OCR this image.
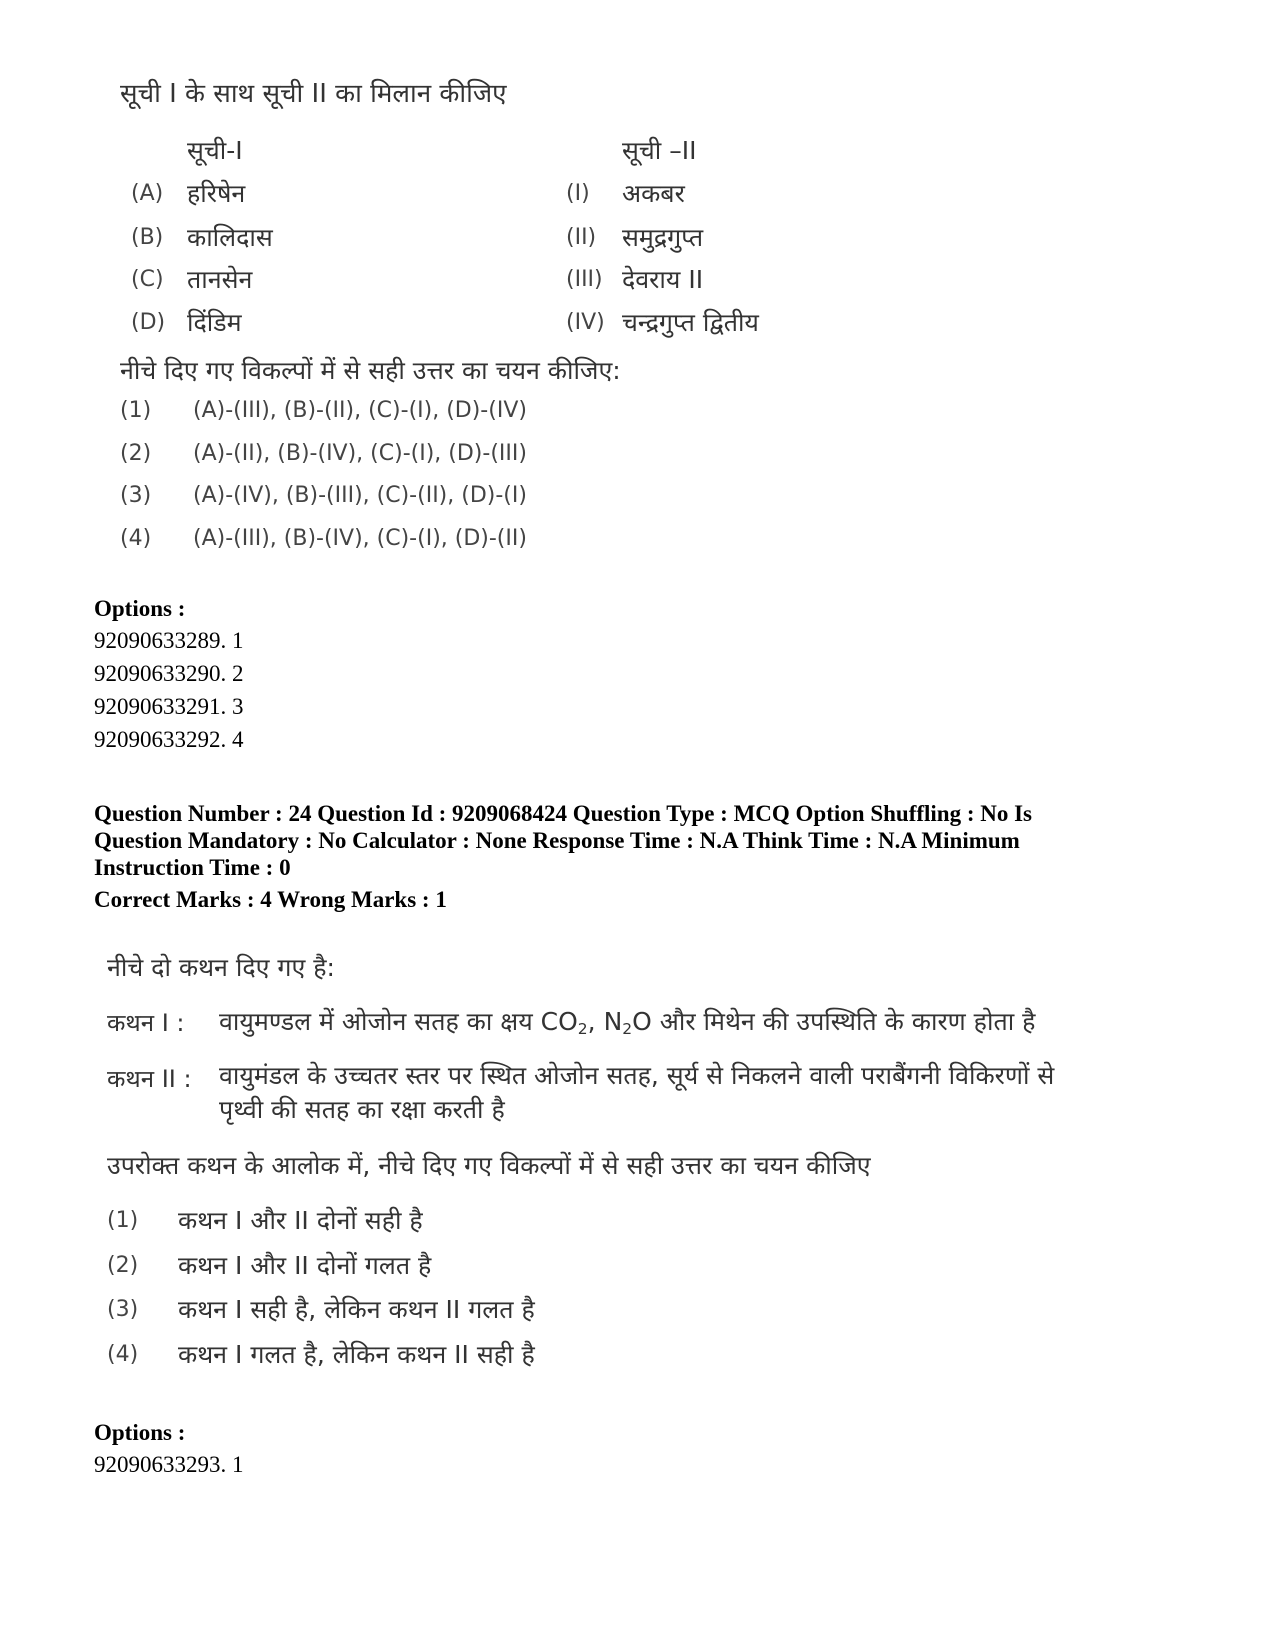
सूची I के साथ सूची II का मिलान कीजिए
सूची-I	सूची –II
(A) हरिषेन	(I) अकबर
(B) कालिदास	(II) समुद्रगुप्त
(C) तानसेन	(III) देवराय II
(D) दिंडिम	(IV) चन्द्रगुप्त द्वितीय
नीचे दिए गए विकल्पों में से सही उत्तर का चयन कीजिए:
(1) (A)-(III), (B)-(II), (C)-(I), (D)-(IV)
(2) (A)-(II), (B)-(IV), (C)-(I), (D)-(III)
(3) (A)-(IV), (B)-(III), (C)-(II), (D)-(I)
(4) (A)-(III), (B)-(IV), (C)-(I), (D)-(II)
Options :
92090633289. 1
92090633290. 2
92090633291. 3
92090633292. 4
Question Number : 24 Question Id : 9209068424 Question Type : MCQ Option Shuffling : No Is
Question Mandatory : No Calculator : None Response Time : N.A Think Time : N.A Minimum
Instruction Time : 0
Correct Marks : 4 Wrong Marks : 1
नीचे दो कथन दिए गए है:
कथन I : वायुमण्डल में ओजोन सतह का क्षय $CO_2$, $N_2O$ और मिथेन की उपस्थिति के कारण होता है
कथन II : वायुमंडल के उच्चतर स्तर पर स्थित ओजोन सतह, सूर्य से निकलने वाली पराबैंगनी विकिरणों से
पृथ्वी की सतह का रक्षा करती है
उपरोक्त कथन के आलोक में, नीचे दिए गए विकल्पों में से सही उत्तर का चयन कीजिए
(1) कथन I और II दोनों सही है
(2) कथन I और II दोनों गलत है
(3) कथन I सही है, लेकिन कथन II गलत है
(4) कथन I गलत है, लेकिन कथन II सही है
Options :
92090633293. 1
